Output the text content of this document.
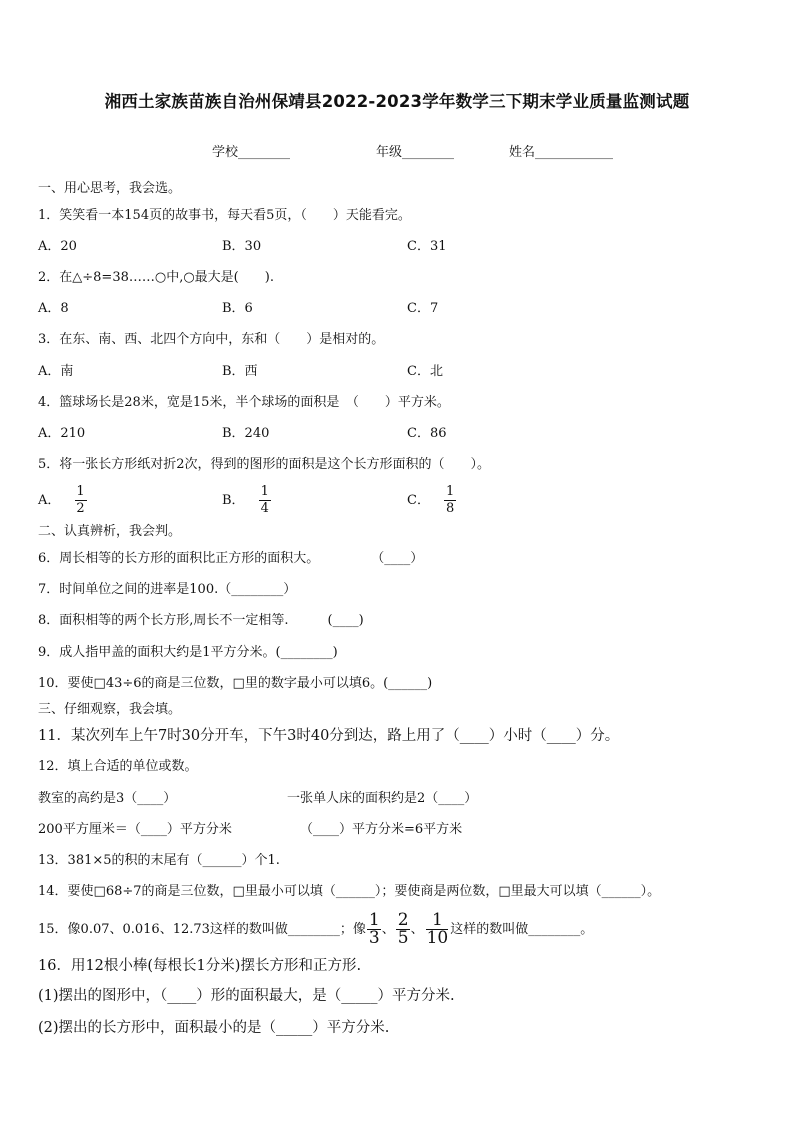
湘西土家族苗族自治州保靖县2022-2023学年数学三下期末学业质量监测试题
学校________	年级________	姓名____________
一、用心思考，我会选。
1．笑笑看一本154页的故事书，每天看5页，（　　）天能看完。
A．20	B．30	C．31
2．在△÷8=38……○中,○最大是(　　).
A．8	B．6	C．7
3．在东、南、西、北四个方向中，东和（　　）是相对的。
A．南	B．西	C．北
4．篮球场长是28米，宽是15米，半个球场的面积是　（　　）平方米。
A．210	B．240	C．86
5．将一张长方形纸对折2次，得到的图形的面积是这个长方形面积的（　　）。
A． $\frac{1}{2}$	B． $\frac{1}{4}$	C． $\frac{1}{8}$
二、认真辨析，我会判。
6．周长相等的长方形的面积比正方形的面积大。　　　　　（____）
7．时间单位之间的进率是100.（________）
8．面积相等的两个长方形,周长不一定相等.　　　(____)
9．成人指甲盖的面积大约是1平方分米。(________)
10．要使□43÷6的商是三位数，□里的数字最小可以填6。(______)
三、仔细观察，我会填。
11．某次列车上午7时30分开车，下午3时40分到达，路上用了（____）小时（____）分。
12．填上合适的单位或数。
教室的高约是3（____）	一张单人床的面积约是2（____）
200平方厘米＝（____）平方分米	（____）平方分米=6平方米
13．381×5的积的末尾有（______）个1.
14．要使□68÷7的商是三位数，□里最小可以填（______）；要使商是两位数，□里最大可以填（______）。
15．像0.07、0.016、12.73这样的数叫做________；像 $\frac{1}{3}$ 、 $\frac{2}{5}$ 、 $\frac{1}{10}$ 这样的数叫做________。
16．用12根小棒(每根长1分米)摆长方形和正方形.
(1)摆出的图形中，（____）形的面积最大，是（_____）平方分米.
(2)摆出的长方形中，面积最小的是（_____）平方分米.
